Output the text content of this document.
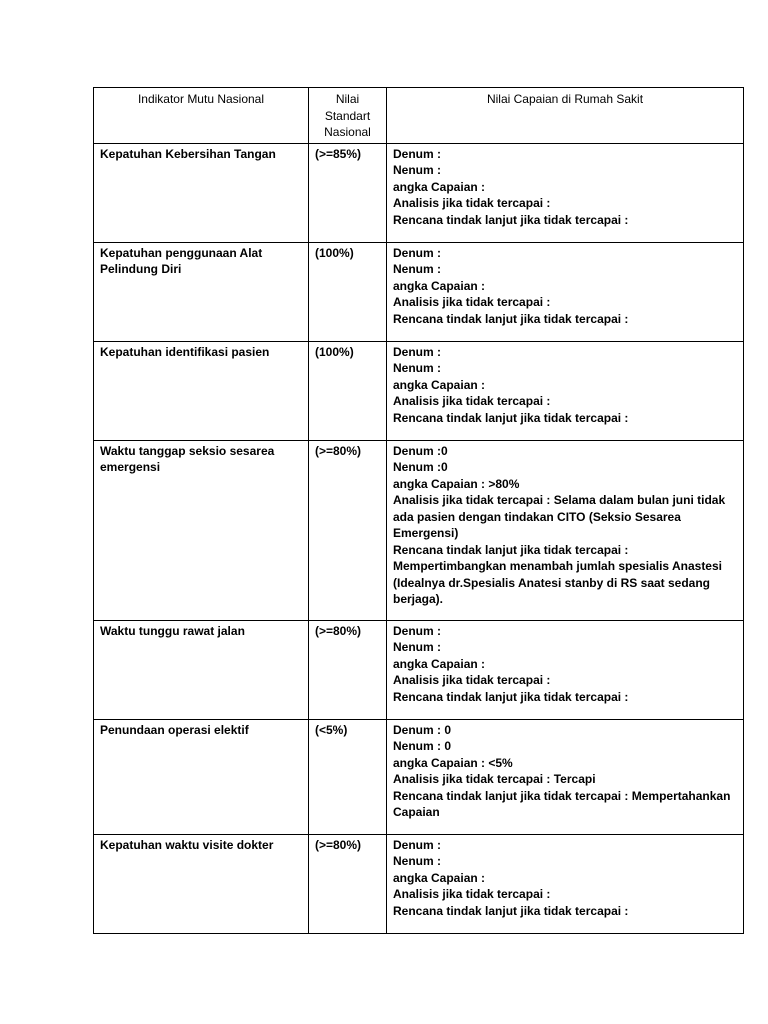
Indikator Mutu Nasional	Nilai Standart Nasional	Nilai Capaian di Rumah Sakit
Kepatuhan Kebersihan Tangan	(>=85%)	Denum :
Nenum :
angka Capaian :
Analisis jika tidak tercapai :
Rencana tindak lanjut jika tidak tercapai :

Kepatuhan penggunaan Alat Pelindung Diri	(100%)	Denum :
Nenum :
angka Capaian :
Analisis jika tidak tercapai :
Rencana tindak lanjut jika tidak tercapai :

Kepatuhan identifikasi pasien	(100%)	Denum :
Nenum :
angka Capaian :
Analisis jika tidak tercapai :
Rencana tindak lanjut jika tidak tercapai :

Waktu tanggap seksio sesarea emergensi	(>=80%)	Denum :0
Nenum :0
angka Capaian : >80%
Analisis jika tidak tercapai : Selama dalam bulan juni tidak ada pasien dengan tindakan CITO (Seksio Sesarea Emergensi)
Rencana tindak lanjut jika tidak tercapai : Mempertimbangkan menambah jumlah spesialis Anastesi (Idealnya dr.Spesialis Anatesi stanby di RS saat sedang berjaga).

Waktu tunggu rawat jalan	(>=80%)	Denum :
Nenum :
angka Capaian :
Analisis jika tidak tercapai :
Rencana tindak lanjut jika tidak tercapai :

Penundaan operasi elektif	(<5%)	Denum : 0
Nenum : 0
angka Capaian : <5%
Analisis jika tidak tercapai : Tercapi
Rencana tindak lanjut jika tidak tercapai : Mempertahankan Capaian

Kepatuhan waktu visite dokter	(>=80%)	Denum :
Nenum :
angka Capaian :
Analisis jika tidak tercapai :
Rencana tindak lanjut jika tidak tercapai :
